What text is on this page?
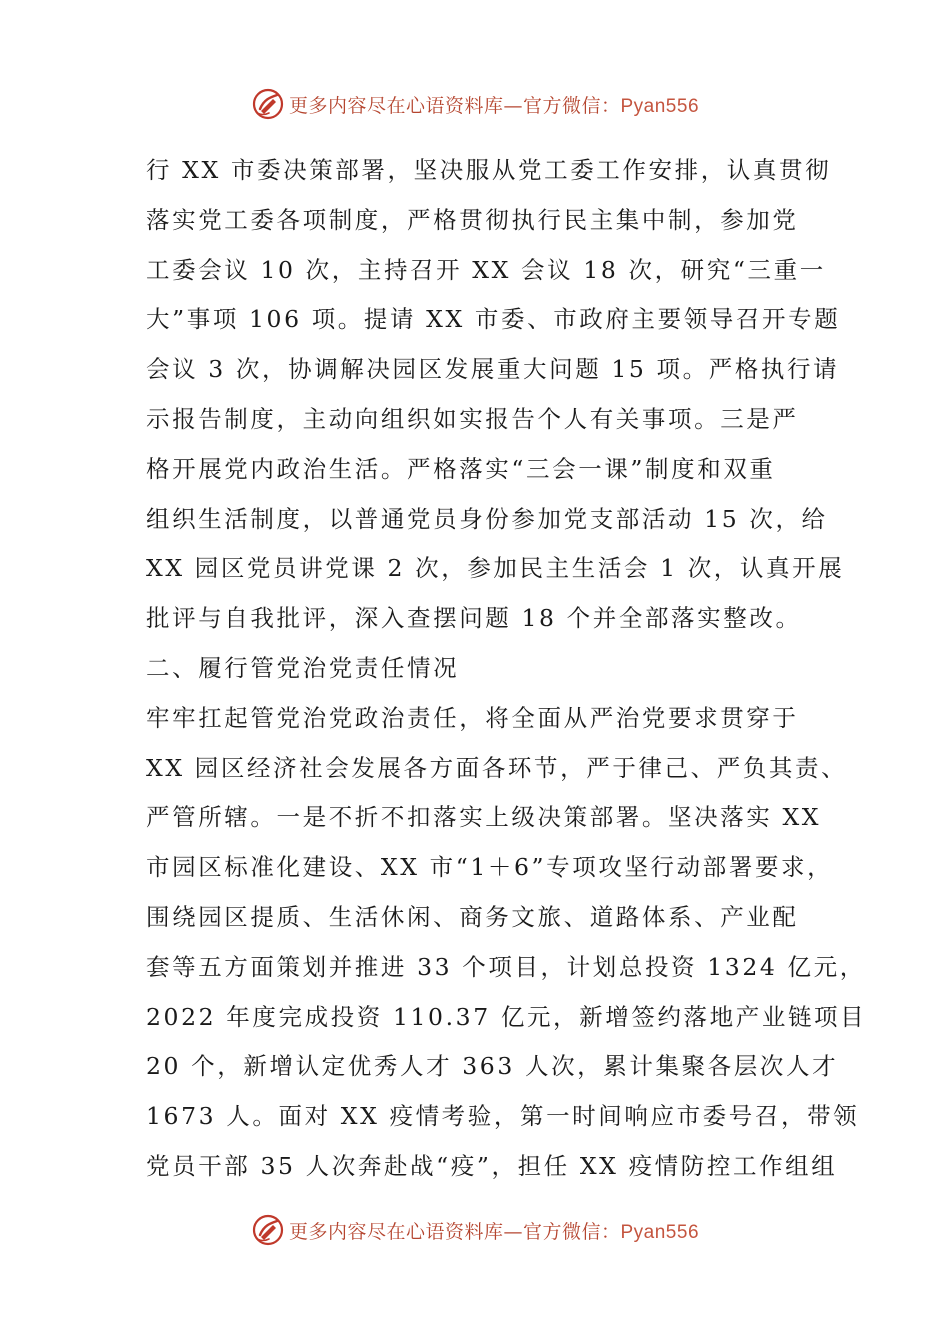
更多内容尽在心语资料库—官方微信：Pyan556
行 XX 市委决策部署，坚决服从党工委工作安排，认真贯彻
落实党工委各项制度，严格贯彻执行民主集中制，参加党
工委会议 10 次，主持召开 XX 会议 18 次，研究“三重一
大”事项 106 项。提请 XX 市委、市政府主要领导召开专题
会议 3 次，协调解决园区发展重大问题 15 项。严格执行请
示报告制度，主动向组织如实报告个人有关事项。三是严
格开展党内政治生活。严格落实“三会一课”制度和双重
组织生活制度，以普通党员身份参加党支部活动 15 次，给
XX 园区党员讲党课 2 次，参加民主生活会 1 次，认真开展
批评与自我批评，深入查摆问题 18 个并全部落实整改。
二、履行管党治党责任情况
牢牢扛起管党治党政治责任，将全面从严治党要求贯穿于
XX 园区经济社会发展各方面各环节，严于律己、严负其责、
严管所辖。一是不折不扣落实上级决策部署。坚决落实 XX
市园区标准化建设、XX 市“1＋6”专项攻坚行动部署要求，
围绕园区提质、生活休闲、商务文旅、道路体系、产业配
套等五方面策划并推进 33 个项目，计划总投资 1324 亿元，
2022 年度完成投资 110.37 亿元，新增签约落地产业链项目
20 个，新增认定优秀人才 363 人次，累计集聚各层次人才
1673 人。面对 XX 疫情考验，第一时间响应市委号召，带领
党员干部 35 人次奔赴战“疫”，担任 XX 疫情防控工作组组
更多内容尽在心语资料库—官方微信：Pyan556
